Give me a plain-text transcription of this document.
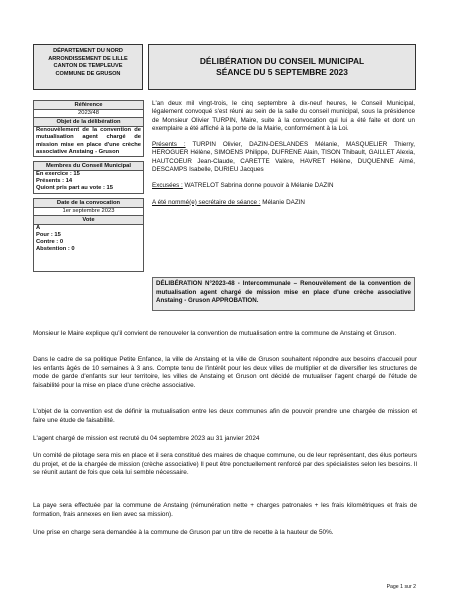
DÉPARTEMENT DU NORD
ARRONDISSEMENT DE LILLE
CANTON DE TEMPLEUVE
COMMUNE DE GRUSON
DÉLIBÉRATION DU CONSEIL MUNICIPAL
SÉANCE DU 5 SEPTEMBRE 2023
Référence
2023/48
Objet de la délibération
Renouvèlement de la convention de mutualisation agent chargé de mission mise en place d'une crèche associative Anstaing - Gruson
Membres du Conseil Municipal
En exercice : 15
Présents : 14
Quiont pris part au vote : 15
Date de la convocation
1er septembre 2023
Vote
A
Pour : 15
Contre : 0
Abstention : 0

L'an deux mil vingt-trois, le cinq septembre à dix-neuf heures, le Conseil Municipal, légalement convoqué s'est réuni au sein de la salle du conseil municipal, sous la présidence de Monsieur Olivier TURPIN, Maire, suite à la convocation qui lui a été faite et dont un exemplaire a été affiché à la porte de la Mairie, conformément à la Loi.

Présents : TURPIN Olivier, DAZIN-DESLANDES Mélanie, MASQUELIER Thierry, HEROGUER Hélène, SIMOENS Philippe, DUFRENE Alain, TISON Thibault, GAILLET Alexia, HAUTCOEUR Jean-Claude, CARETTE Valère, HAVRET Hélène, DUQUENNE Aimé, DESCAMPS Isabelle, DURIEU Jacques

Excusées : WATRELOT Sabrina donne pouvoir à Mélanie DAZIN

A été nommé(e) secrétaire de séance : Mélanie DAZIN

DÉLIBÉRATION N°2023-48 - Intercommunale – Renouvèlement de la convention de mutualisation agent chargé de mission mise en place d'une crèche associative Anstaing - Gruson APPROBATION.

Monsieur le Maire explique qu'il convient de renouveler la convention de mutualisation entre la commune de Anstaing et Gruson.

Dans le cadre de sa politique Petite Enfance, la ville de Anstaing et la ville de Gruson souhaitent répondre aux besoins d'accueil pour les enfants âgés de 10 semaines à 3 ans. Compte tenu de l'intérêt pour les deux villes de multiplier et de diversifier les structures de mode de garde d'enfants sur leur territoire, les villes de Anstaing et Gruson ont décidé de mutualiser l'agent chargé de l'étude de faisabilité pour la mise en place d'une crèche associative.

L'objet de la convention est de définir la mutualisation entre les deux communes afin de pouvoir prendre une chargée de mission et faire une étude de faisabilité.

L'agent chargé de mission est recruté du 04 septembre 2023 au 31 janvier 2024

Un comité de pilotage sera mis en place et il sera constitué des maires de chaque commune, ou de leur représentant, des élus porteurs du projet, et de la chargée de mission (crèche associative) Il peut être ponctuellement renforcé par des spécialistes selon les besoins. Il se réunit autant de fois que cela lui semble nécessaire.

La paye sera effectuée par la commune de Anstaing (rémunération nette + charges patronales + les frais kilométriques et frais de formation, frais annexes en lien avec sa mission).

Une prise en charge sera demandée à la commune de Gruson par un titre de recette à la hauteur de 50%.

Page 1 sur 2
